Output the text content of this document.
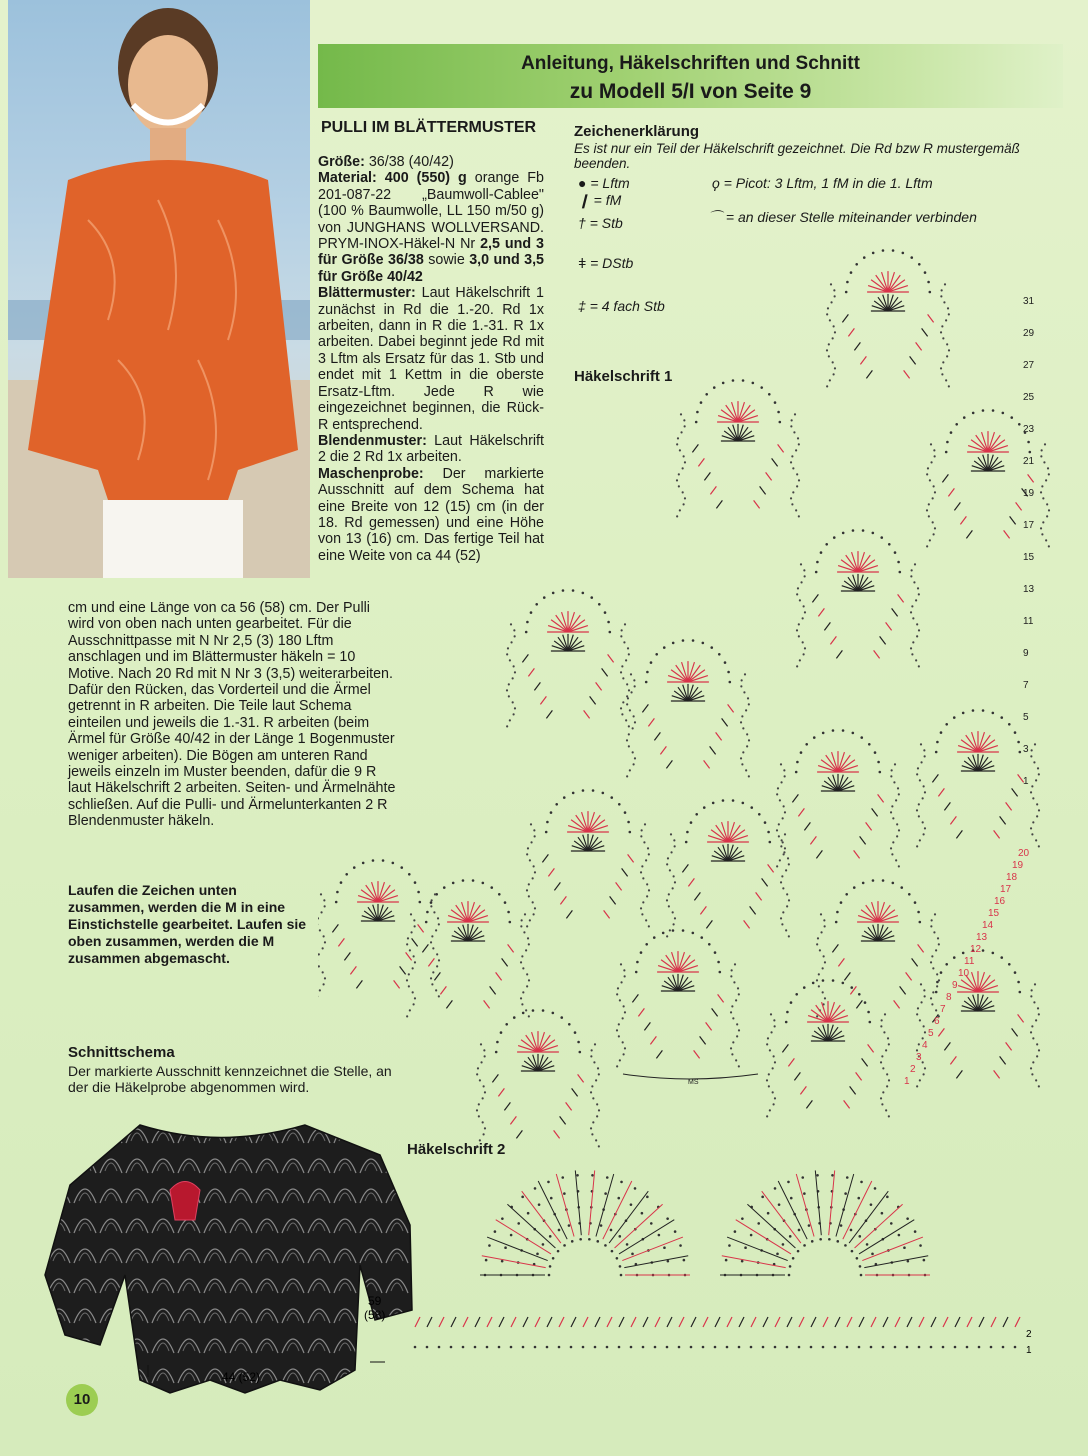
Anleitung, Häkelschriften und Schnitt
zu Modell 5/I von Seite 9
PULLI IM BLÄTTERMUSTER
Größe: 36/38 (40/42)
Material: 400 (550) g orange Fb 201-087-22 „Baumwoll-Cablee" (100 % Baumwolle, LL 150 m/50 g) von JUNGHANS WOLLVERSAND. PRYM-INOX-Häkel-N Nr 2,5 und 3 für Größe 36/38 sowie 3,0 und 3,5 für Größe 40/42
Blättermuster: Laut Häkelschrift 1 zunächst in Rd die 1.-20. Rd 1x arbeiten, dann in R die 1.-31. R 1x arbeiten. Dabei beginnt jede Rd mit 3 Lftm als Ersatz für das 1. Stb und endet mit 1 Kettm in die oberste Ersatz-Lftm. Jede R wie eingezeichnet beginnen, die Rück-R entsprechend.
Blendenmuster: Laut Häkelschrift 2 die 2 Rd 1x arbeiten.
Maschenprobe: Der markierte Ausschnitt auf dem Schema hat eine Breite von 12 (15) cm (in der 18. Rd gemessen) und eine Höhe von 13 (16) cm. Das fertige Teil hat eine Weite von ca 44 (52)
cm und eine Länge von ca 56 (58) cm. Der Pulli wird von oben nach unten gearbeitet. Für die Ausschnittpasse mit N Nr 2,5 (3) 180 Lftm anschlagen und im Blättermuster häkeln = 10 Motive. Nach 20 Rd mit N Nr 3 (3,5) weiterarbeiten. Dafür den Rücken, das Vorderteil und die Ärmel getrennt in R arbeiten. Die Teile laut Schema einteilen und jeweils die 1.-31. R arbeiten (beim Ärmel für Größe 40/42 in der Länge 1 Bogenmuster weniger arbeiten). Die Bögen am unteren Rand jeweils einzeln im Muster beenden, dafür die 9 R laut Häkelschrift 2 arbeiten. Seiten- und Ärmelnähte schließen. Auf die Pulli- und Ärmelunterkanten 2 R Blendenmuster häkeln.
Laufen die Zeichen unten zusammen, werden die M in eine Einstichstelle gearbeitet. Laufen sie oben zusammen, werden die M zusammen abgemascht.
Zeichenerklärung
Es ist nur ein Teil der Häkelschrift gezeichnet. Die Rd bzw R mustergemäß beenden.
● = Lftm
❙ = fM
† = Stb
ǂ = DStb
‡ = 4 fach Stb
ϙ = Picot: 3 Lftm, 1 fM in die 1. Lftm
⌒ = an dieser Stelle miteinander verbinden
Häkelschrift 1
31
29
27
25
23
21
19
17
15
13
11
9
7
5
3
1
20
19
18
17
16
15
14
13
12
11
10
9
8
7
6
5
4
3
2
1
MS
Häkelschrift 2
2
1
Schnittschema
Der markierte Ausschnitt kennzeichnet die Stelle, an der die Häkelprobe abgenommen wird.
59
(58)
44 (52)
10
